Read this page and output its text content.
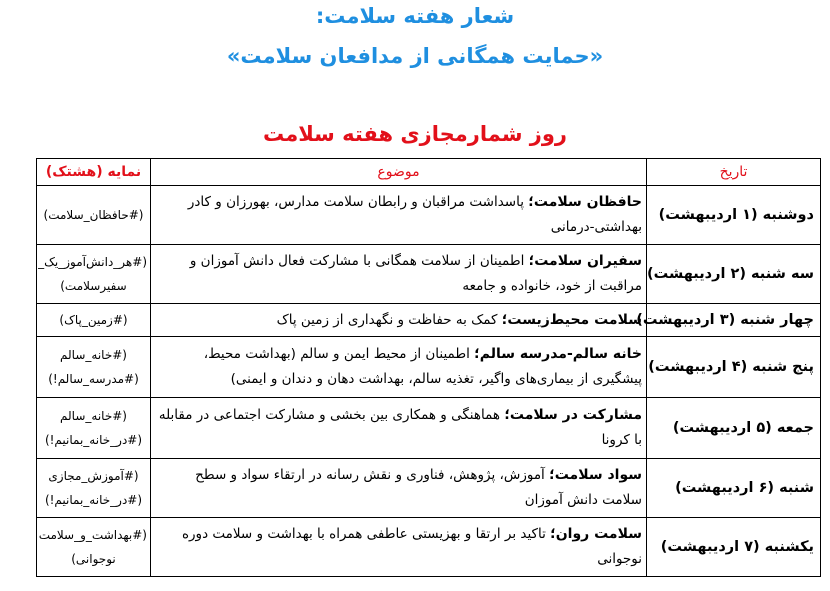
شعار هفته سلامت:
«حمایت همگانی از مدافعان سلامت»
روز شمارمجازی هفته سلامت
تاریخ	موضوع	نمایه (هشتک)
دوشنبه (۱ اردیبهشت)	حافظان سلامت؛ پاسداشت مراقبان و رابطان سلامت مدارس، بهورزان و کادر بهداشتی-درمانی	(#حافظان_سلامت)
سه شنبه (۲ اردیبهشت)	سفیران سلامت؛ اطمینان از سلامت همگانی با مشارکت فعال دانش آموزان و مراقبت از خود، خانواده و جامعه	(#هر_دانش‌آموز_یک_ سفیرسلامت)
چهار شنبه (۳ اردیبهشت)	سلامت محیط‌زیست؛ کمک به حفاظت و نگهداری از زمین پاک	(#زمین_پاک)
پنج شنبه (۴ اردیبهشت)	خانه سالم-مدرسه سالم؛ اطمینان از محیط ایمن و سالم (بهداشت محیط، پیشگیری از بیماری‌های واگیر، تغذیه سالم، بهداشت دهان و دندان و ایمنی)	(#خانه_سالم (#مدرسه_سالم!)
جمعه (۵ اردیبهشت)	مشارکت در سلامت؛ هماهنگی و همکاری بین بخشی و مشارکت اجتماعی در مقابله با کرونا	(#خانه_سالم (#در_خانه_بمانیم!)
شنبه (۶ اردیبهشت)	سواد سلامت؛ آموزش، پژوهش، فناوری و نقش رسانه در ارتقاء سواد و سطح سلامت دانش آموزان	(#آموزش_مجازی (#در_خانه_بمانیم!)
یکشنبه (۷ اردیبهشت)	سلامت روان؛ تاکید بر ارتقا و بهزیستی عاطفی همراه با بهداشت و سلامت دوره نوجوانی	(#بهداشت_و_سلامت نوجوانی)
